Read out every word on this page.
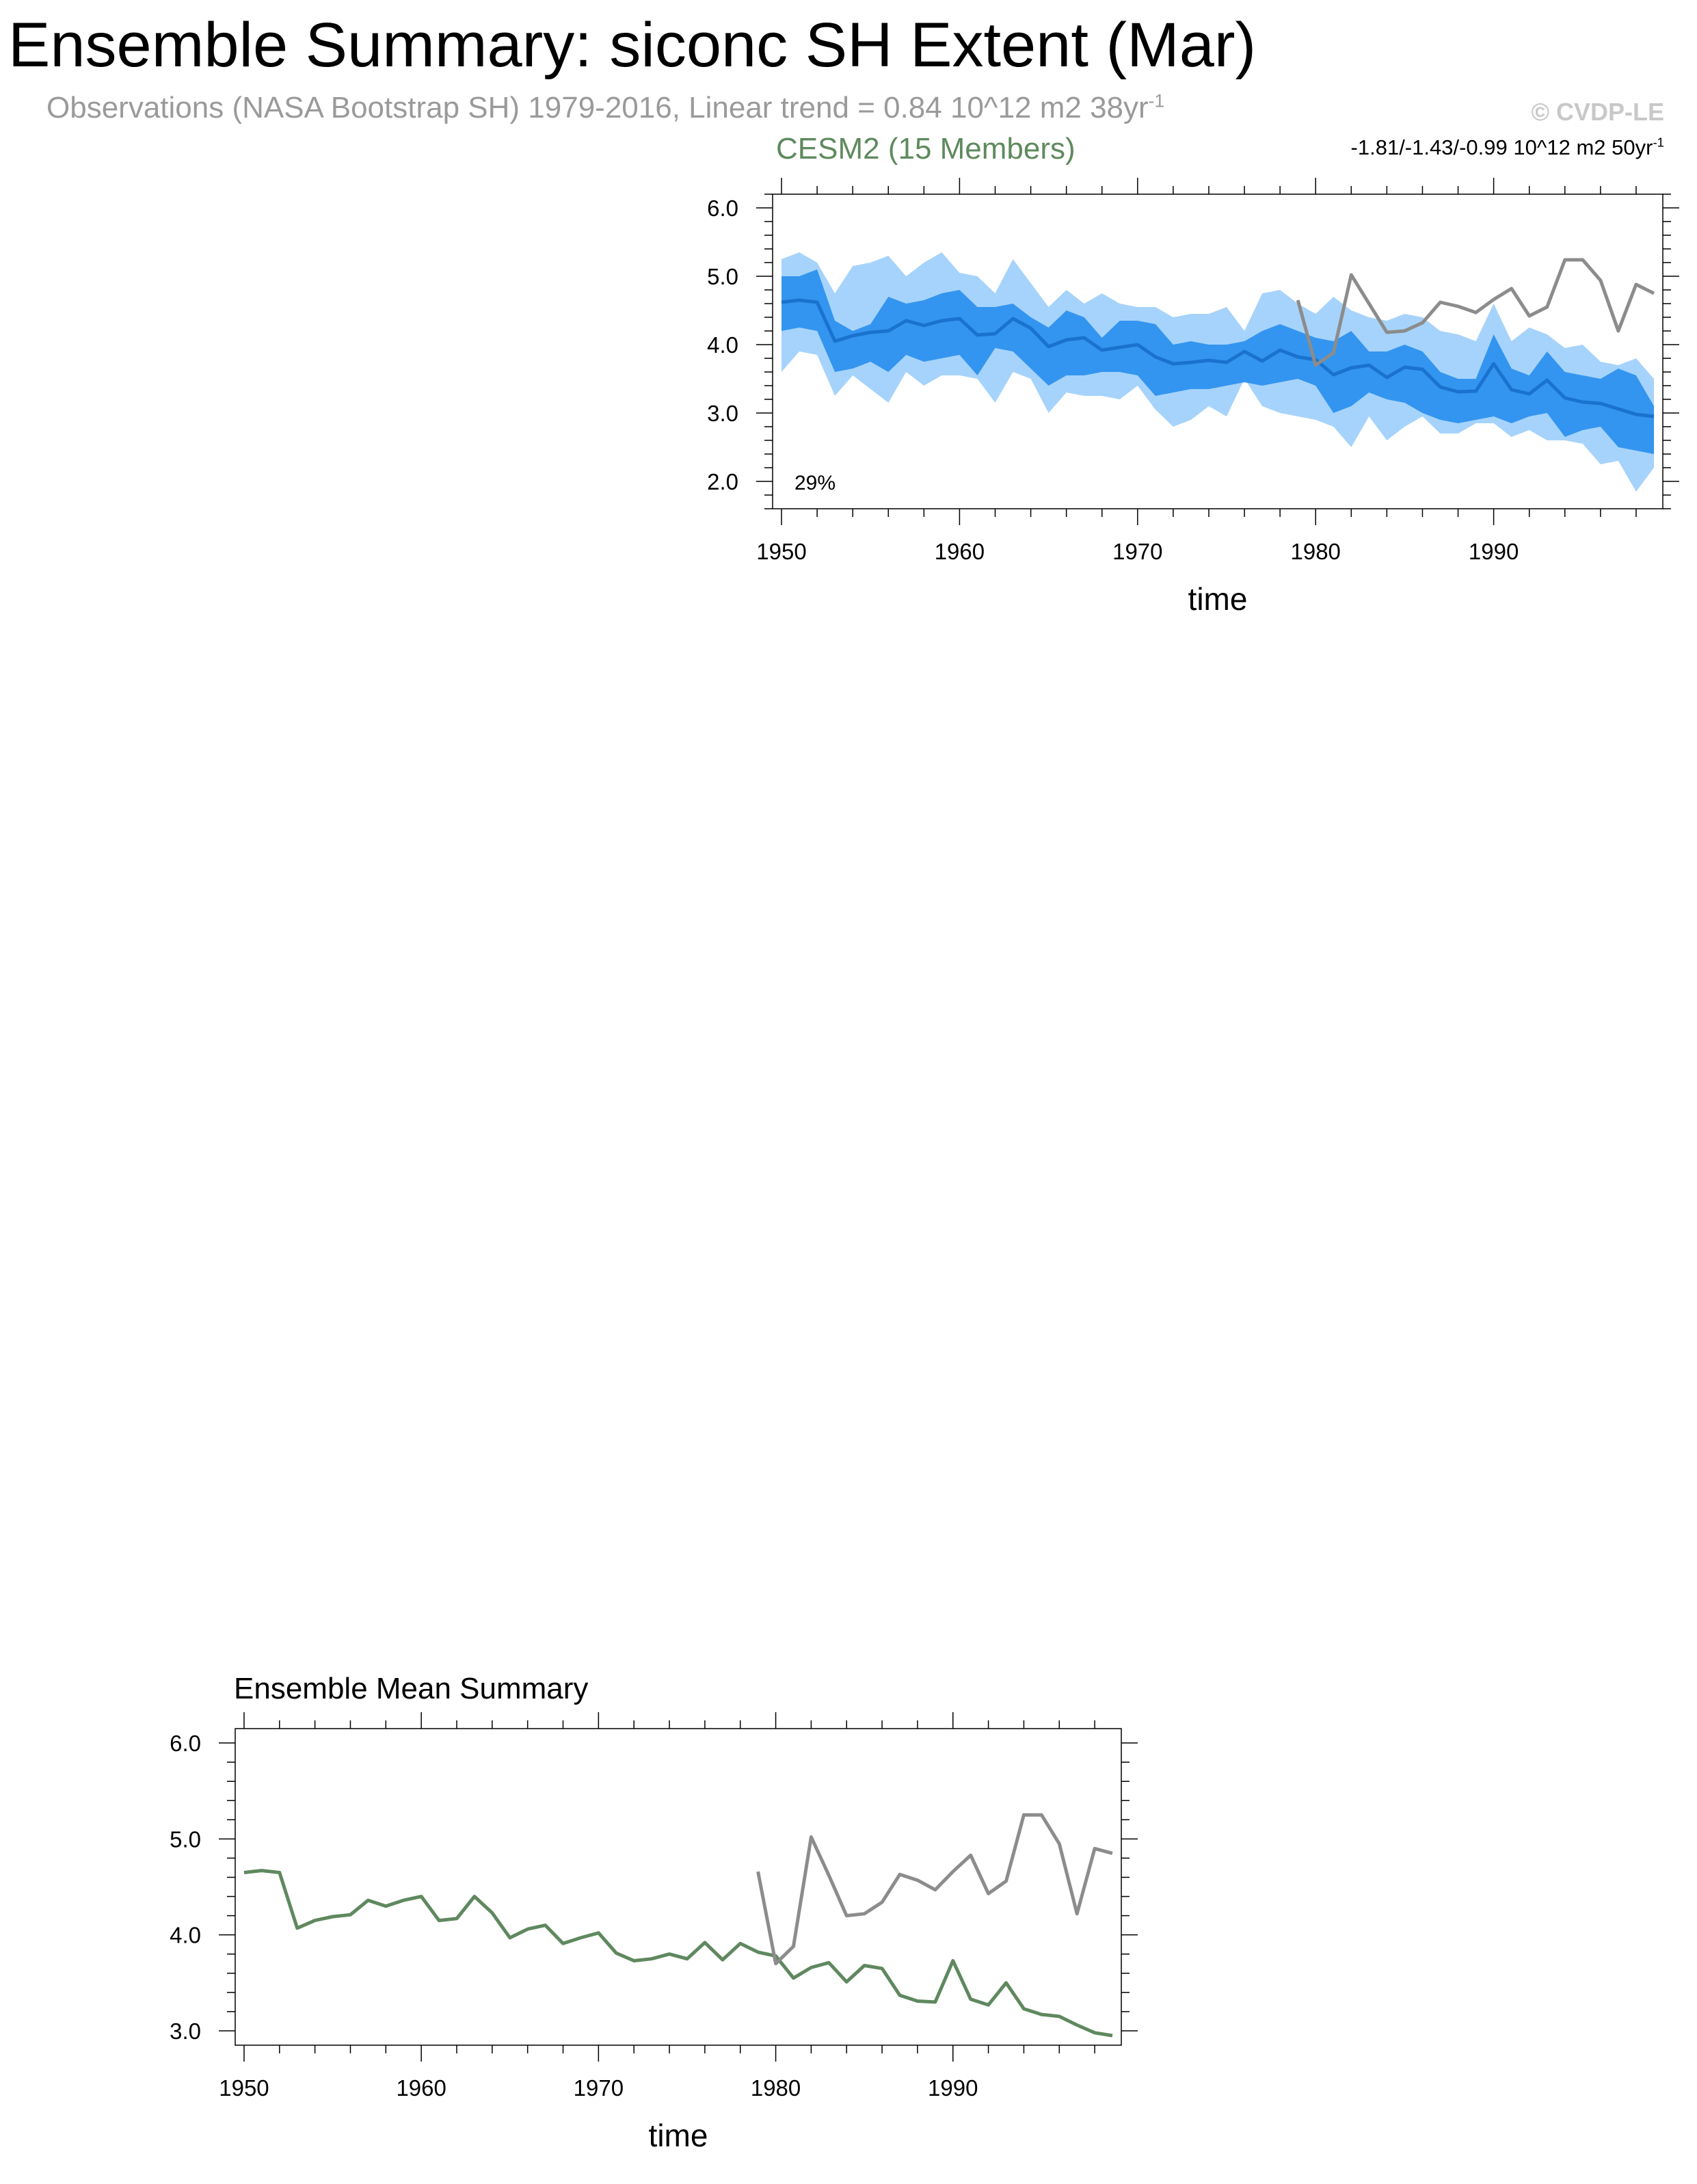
Ensemble Summary: siconc SH Extent (Mar)
Observations (NASA Bootstrap SH) 1979-2016, Linear trend = 0.84 10^12 m2 $38yr^{-1}$	© CVDP-LE
CESM2 (15 Members)	-1.81/-1.43/-0.99 10^12 m2 $50yr^{-1}$
Ensemble Mean Summary
1950	1960	1970	1980	1990
2.0
3.0
4.0
5.0
6.0
time
29%
1950	1960	1970	1980	1990
3.0
4.0
5.0
6.0
time
